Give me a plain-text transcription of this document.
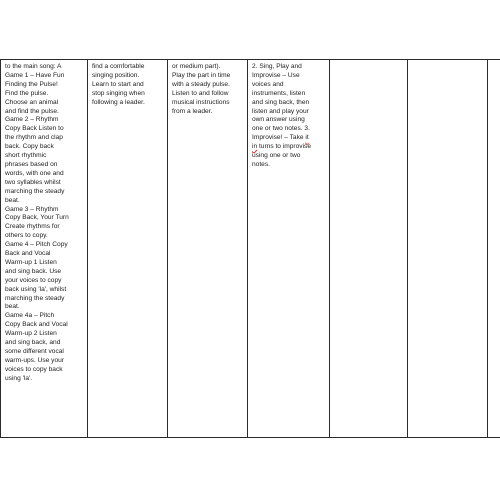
to the main song: A
Game 1 – Have Fun
Finding the Pulse!
Find the pulse.
Choose an animal
and find the pulse.
Game 2 – Rhythm
Copy Back Listen to
the rhythm and clap
back. Copy back
short rhythmic
phrases based on
words, with one and
two syllables whilst
marching the steady
beat.
Game 3 – Rhythm
Copy Back, Your Turn
Create rhythms for
others to copy.
Game 4 – Pitch Copy
Back and Vocal
Warm-up 1 Listen
and sing back. Use
your voices to copy
back using 'la', whilst
marching the steady
beat.
Game 4a – Pitch
Copy Back and Vocal
Warm-up 2 Listen
and sing back, and
some different vocal
warm-ups. Use your
voices to copy back
using 'la'.

find a comfortable
singing position.
Learn to start and
stop singing when
following a leader.

or medium part).
Play the part in time
with a steady pulse.
Listen to and follow
musical instructions
from a leader.

2. Sing, Play and
Improvise – Use
voices and
instruments, listen
and sing back, then
listen and play your
own answer using
one or two notes. 3.
Improvise! – Take it
in turns to improvise
using one or two
notes.
